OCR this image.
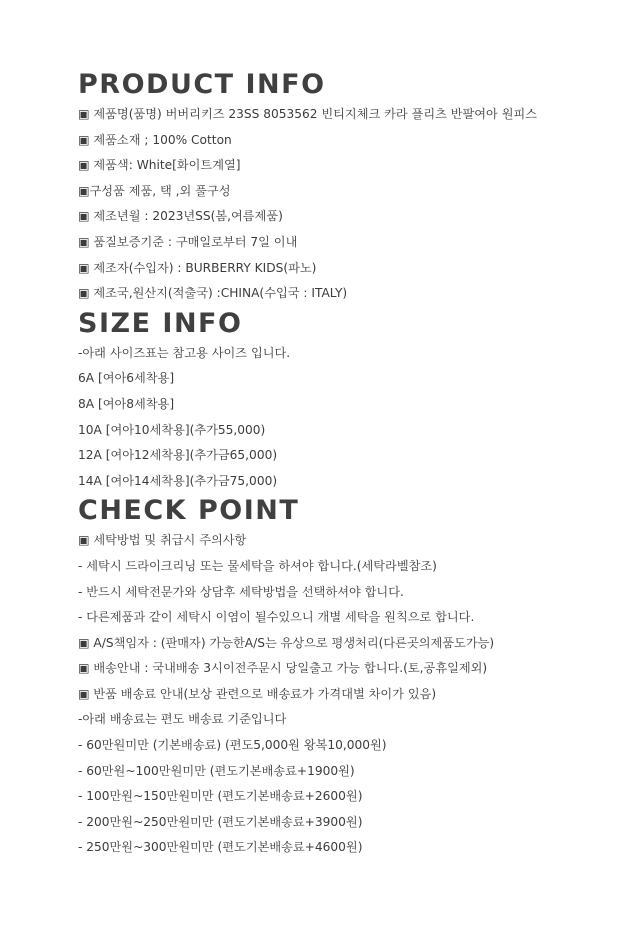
PRODUCT INFO
▣ 제품명(품명) 버버리키즈 23SS 8053562 빈티지체크 카라 플리츠 반팔여아 원피스
▣ 제품소재 ; 100% Cotton
▣ 제품색: White[화이트계열]
▣구성품 제품, 택 ,외 풀구성
▣ 제조년월 : 2023년SS(봄,여름제품)
▣ 품질보증기준 : 구매일로부터 7일 이내
▣ 제조자(수입자) : BURBERRY KIDS(파노)
▣ 제조국,원산지(적출국) :CHINA(수입국 : ITALY)
SIZE INFO
-아래 사이즈표는 참고용 사이즈 입니다.
6A [여아6세착용]
8A [여아8세착용]
10A [여아10세착용](추가55,000)
12A [여아12세착용](추가금65,000)
14A [여아14세착용](추가금75,000)
CHECK POINT
▣ 세탁방법 및 취급시 주의사항
- 세탁시 드라이크리닝 또는 물세탁을 하셔야 합니다.(세탁라벨참조)
- 반드시 세탁전문가와 상담후 세탁방법을 선택하셔야 합니다.
- 다른제품과 같이 세탁시 이염이 될수있으니 개별 세탁을 원칙으로 합니다.
▣ A/S책임자 : (판매자) 가능한A/S는 유상으로 평생처리(다른곳의제품도가능)
▣ 배송안내 : 국내배송 3시이전주문시 당일출고 가능 합니다.(토,공휴일제외)
▣ 반품 배송료 안내(보상 관련으로 배송료가 가격대별 차이가 있음)
-아래 배송료는 편도 배송료 기준입니다
- 60만원미만 (기본배송료) (편도5,000원 왕복10,000원)
- 60만원~100만원미만 (편도기본배송료+1900원)
- 100만원~150만원미만 (편도기본배송료+2600원)
- 200만원~250만원미만 (편도기본배송료+3900원)
- 250만원~300만원미만 (편도기본배송료+4600원)
